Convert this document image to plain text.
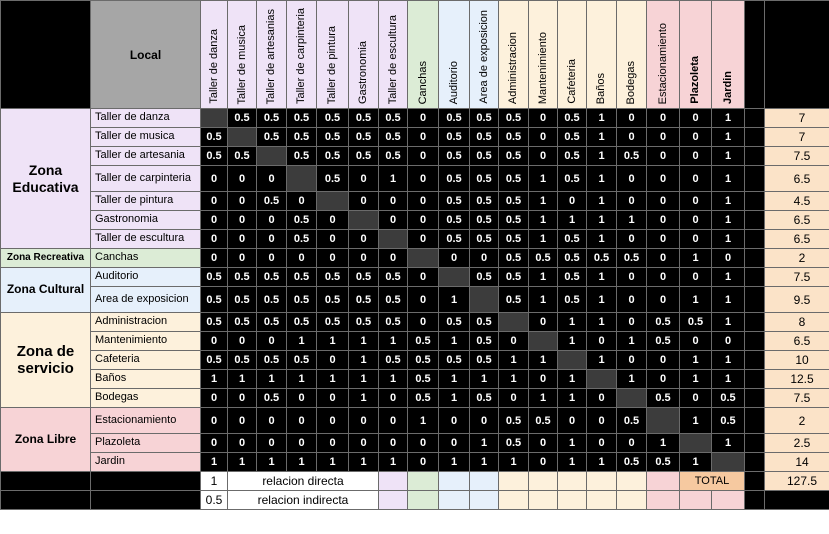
	Local	Taller de danza	Taller de musica	Taller de artesanias	Taller de carpinteria	Taller de pintura	Gastronomia	Taller de escultura	Canchas	Auditorio	Area de exposicion	Administracion	Mantenimiento	Cafeteria	Baños	Bodegas	Estacionamiento	Plazoleta	Jardin		

Zona Educativa	Taller de danza		0.5	0.5	0.5	0.5	0.5	0.5	0	0.5	0.5	0.5	0	0.5	1	0	0	0	1		7
	Taller de musica	0.5		0.5	0.5	0.5	0.5	0.5	0	0.5	0.5	0.5	0	0.5	1	0	0	0	1		7
	Taller de artesania	0.5	0.5		0.5	0.5	0.5	0.5	0	0.5	0.5	0.5	0	0.5	1	0.5	0	0	1		7.5
	Taller de carpinteria	0	0	0		0.5	0	1	0	0.5	0.5	0.5	1	0.5	1	0	0	0	1		6.5
	Taller de pintura	0	0	0.5	0		0	0	0	0.5	0.5	0.5	1	0	1	0	0	0	1		4.5
	Gastronomia	0	0	0	0.5	0		0	0	0.5	0.5	0.5	1	1	1	1	0	0	1		6.5
	Taller de escultura	0	0	0	0.5	0	0		0	0.5	0.5	0.5	1	0.5	1	0	0	0	1		6.5
Zona Recreativa	Canchas	0	0	0	0	0	0	0		0	0	0.5	0.5	0.5	0.5	0.5	0	1	0		2
Zona Cultural	Auditorio	0.5	0.5	0.5	0.5	0.5	0.5	0.5	0		0.5	0.5	1	0.5	1	0	0	0	1		7.5
	Area de exposicion	0.5	0.5	0.5	0.5	0.5	0.5	0.5	0	1		0.5	1	0.5	1	0	0	1	1		9.5
Zona de servicio	Administracion	0.5	0.5	0.5	0.5	0.5	0.5	0.5	0	0.5	0.5		0	1	1	0	0.5	0.5	1		8
	Mantenimiento	0	0	0	1	1	1	1	0.5	1	0.5	0		1	0	1	0.5	0	0		6.5
	Cafeteria	0.5	0.5	0.5	0.5	0	1	0.5	0.5	0.5	0.5	1	1		1	0	0	1	1		10
	Baños	1	1	1	1	1	1	1	0.5	1	1	1	0	1		1	0	1	1		12.5
	Bodegas	0	0	0.5	0	0	1	0	0.5	1	0.5	0	1	1	0		0.5	0	0.5		7.5
Zona Libre	Estacionamiento	0	0	0	0	0	0	0	1	0	0	0.5	0.5	0	0	0.5		1	0.5		2
	Plazoleta	0	0	0	0	0	0	0	0	0	1	0.5	0	1	0	0	1		1		2.5
	Jardin	1	1	1	1	1	1	1	0	1	1	1	0	1	1	0.5	0.5	1			14
		1	relacion directa															TOTAL			127.5
		0.5	relacion indirecta																		
